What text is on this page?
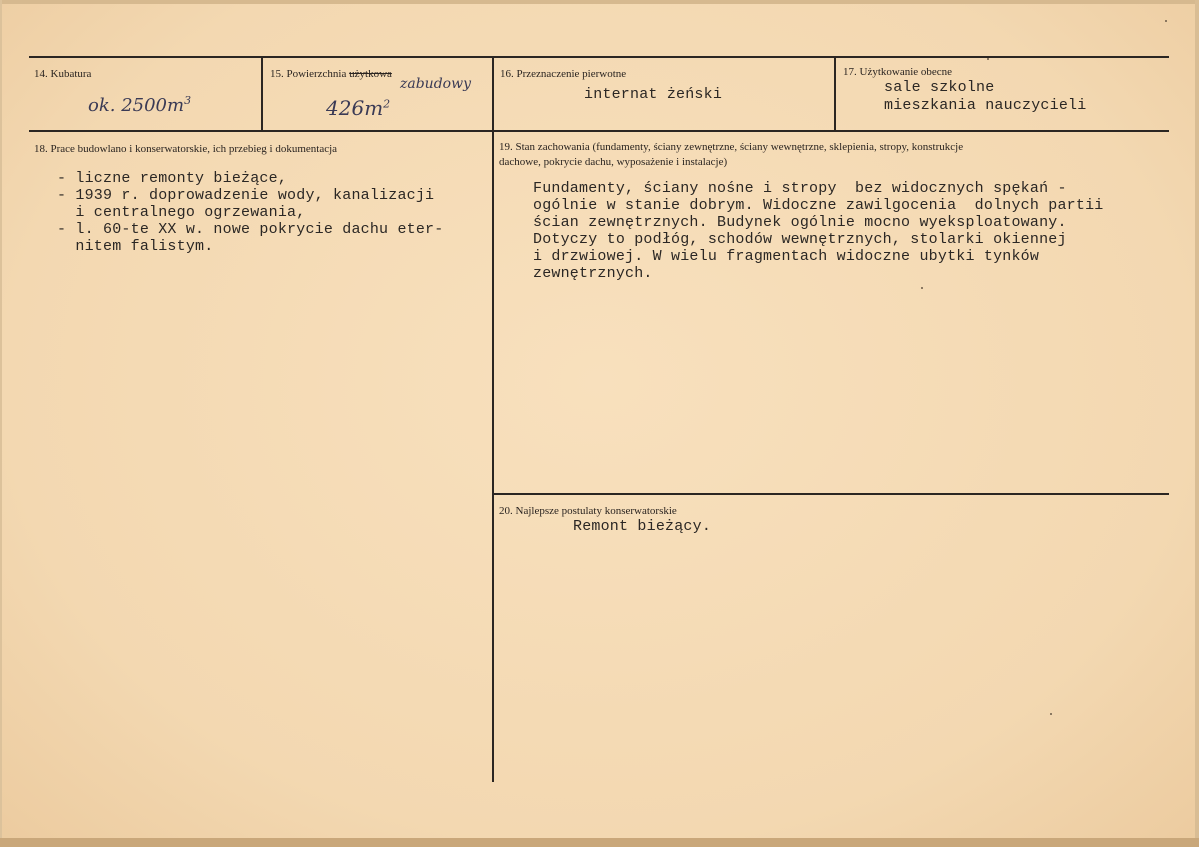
14. Kubatura
ok. $2500m^3$
15. Powierzchnia użytkowa
zabudowy
$426m^2$
16. Przeznaczenie pierwotne
internat żeński
17. Użytkowanie obecne
sale szkolne
mieszkania nauczycieli
18. Prace budowlano i konserwatorskie, ich przebieg i dokumentacja
- liczne remonty bieżące,
- 1939 r. doprowadzenie wody, kanalizacji
i centralnego ogrzewania,
- l. 60-te XX w. nowe pokrycie dachu eter-
nitem falistym.
19. Stan zachowania (fundamenty, ściany zewnętrzne, ściany wewnętrzne, sklepienia, stropy, konstrukcje
dachowe, pokrycie dachu, wyposażenie i instalacje)
Fundamenty, ściany nośne i stropy  bez widocznych spękań -
ogólnie w stanie dobrym. Widoczne zawilgocenia  dolnych partii
ścian zewnętrznych. Budynek ogólnie mocno wyeksploatowany.
Dotyczy to podłóg, schodów wewnętrznych, stolarki okiennej
i drzwiowej. W wielu fragmentach widoczne ubytki tynków
zewnętrznych.
20. Najlepsze postulaty konserwatorskie
Remont bieżący.
